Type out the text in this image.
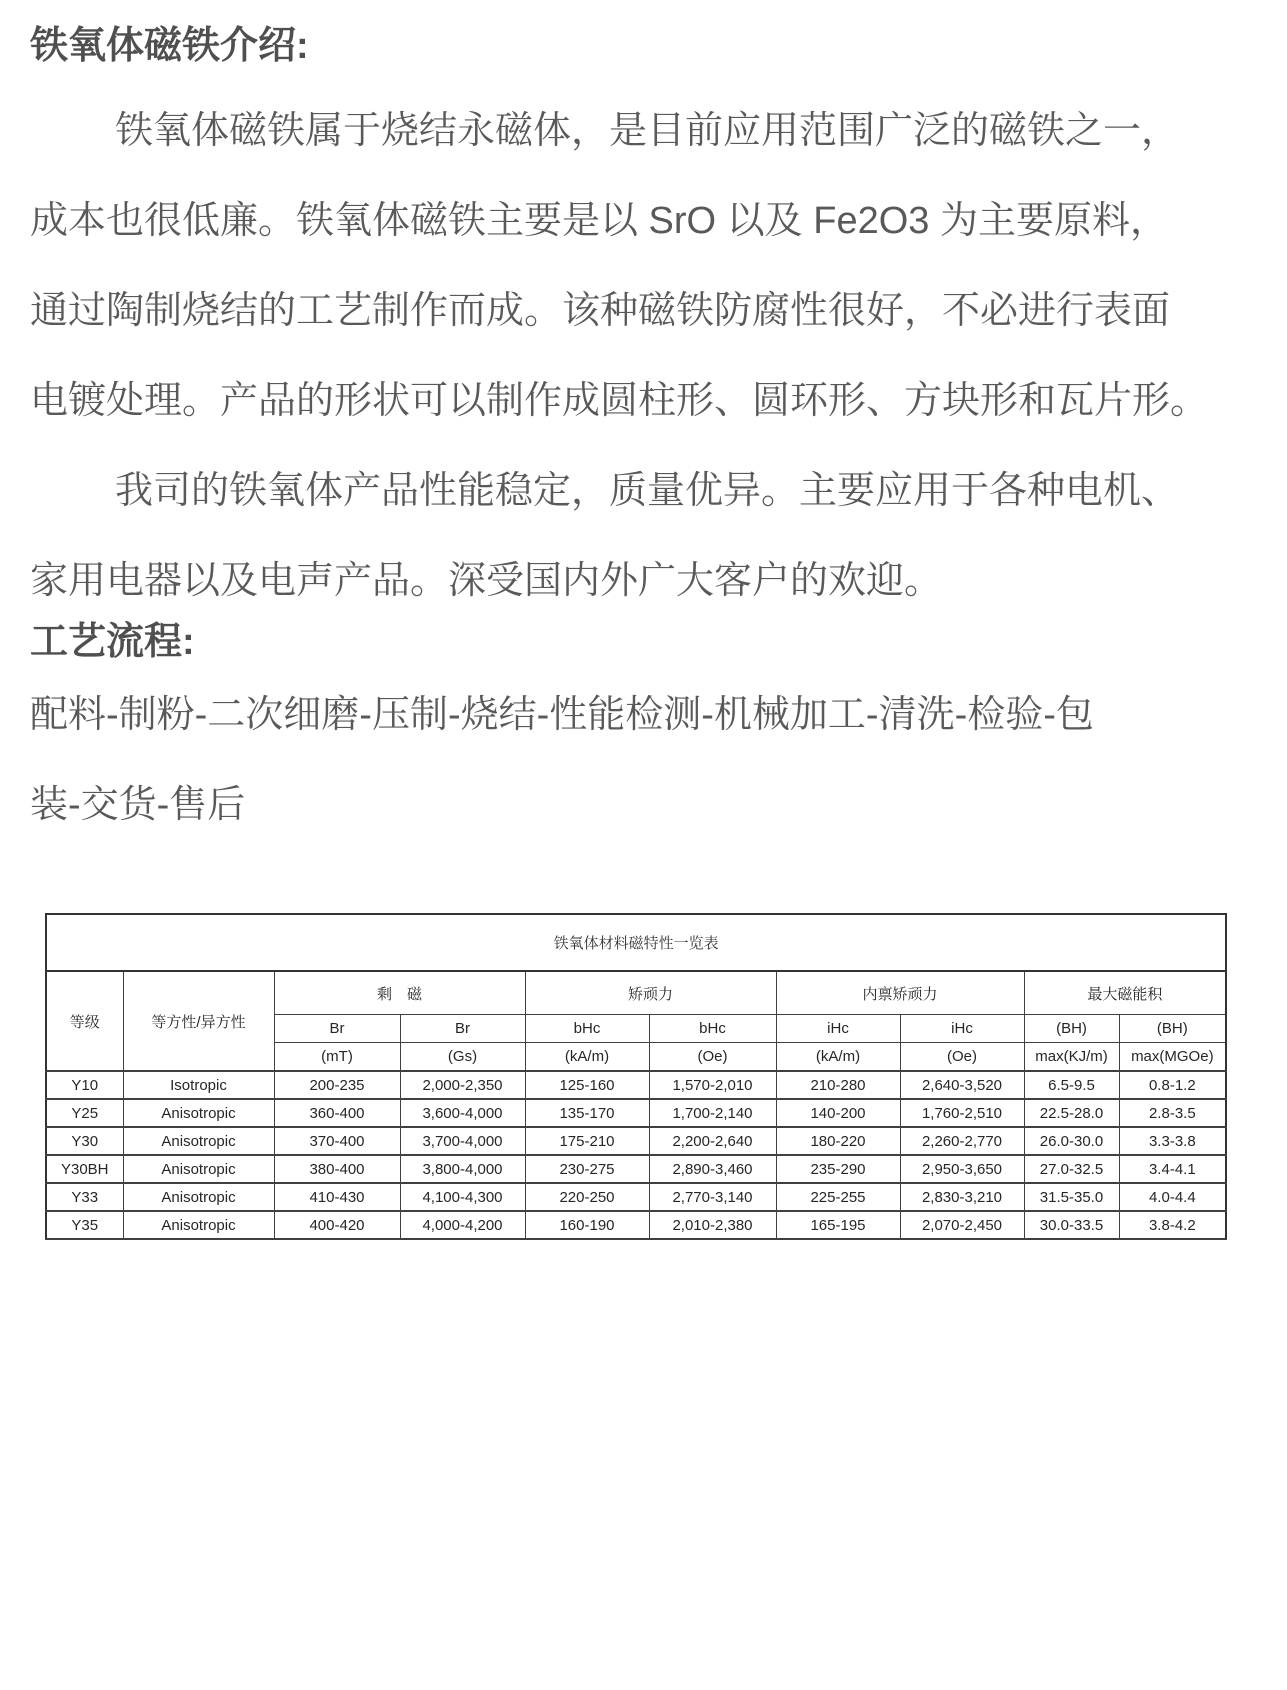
铁氧体磁铁介绍:
铁氧体磁铁属于烧结永磁体，是目前应用范围广泛的磁铁之一，
成本也很低廉。铁氧体磁铁主要是以 SrO 以及 Fe2O3 为主要原料，
通过陶制烧结的工艺制作而成。该种磁铁防腐性很好，不必进行表面
电镀处理。产品的形状可以制作成圆柱形、圆环形、方块形和瓦片形。
我司的铁氧体产品性能稳定，质量优异。主要应用于各种电机、
家用电器以及电声产品。深受国内外广大客户的欢迎。
工艺流程:
配料-制粉-二次细磨-压制-烧结-性能检测-机械加工-清洗-检验-包
装-交货-售后
铁氧体材料磁特性一览表									
等级	等方性/异方性	剩　磁		矫顽力		内禀矫顽力		最大磁能积	
		Br	Br	bHc	bHc	iHc	iHc	(BH)	(BH)
		(mT)	(Gs)	(kA/m)	(Oe)	(kA/m)	(Oe)	max(KJ/m)	max(MGOe)
Y10	Isotropic	200-235	2,000-2,350	125-160	1,570-2,010	210-280	2,640-3,520	6.5-9.5	0.8-1.2
Y25	Anisotropic	360-400	3,600-4,000	135-170	1,700-2,140	140-200	1,760-2,510	22.5-28.0	2.8-3.5
Y30	Anisotropic	370-400	3,700-4,000	175-210	2,200-2,640	180-220	2,260-2,770	26.0-30.0	3.3-3.8
Y30BH	Anisotropic	380-400	3,800-4,000	230-275	2,890-3,460	235-290	2,950-3,650	27.0-32.5	3.4-4.1
Y33	Anisotropic	410-430	4,100-4,300	220-250	2,770-3,140	225-255	2,830-3,210	31.5-35.0	4.0-4.4
Y35	Anisotropic	400-420	4,000-4,200	160-190	2,010-2,380	165-195	2,070-2,450	30.0-33.5	3.8-4.2
